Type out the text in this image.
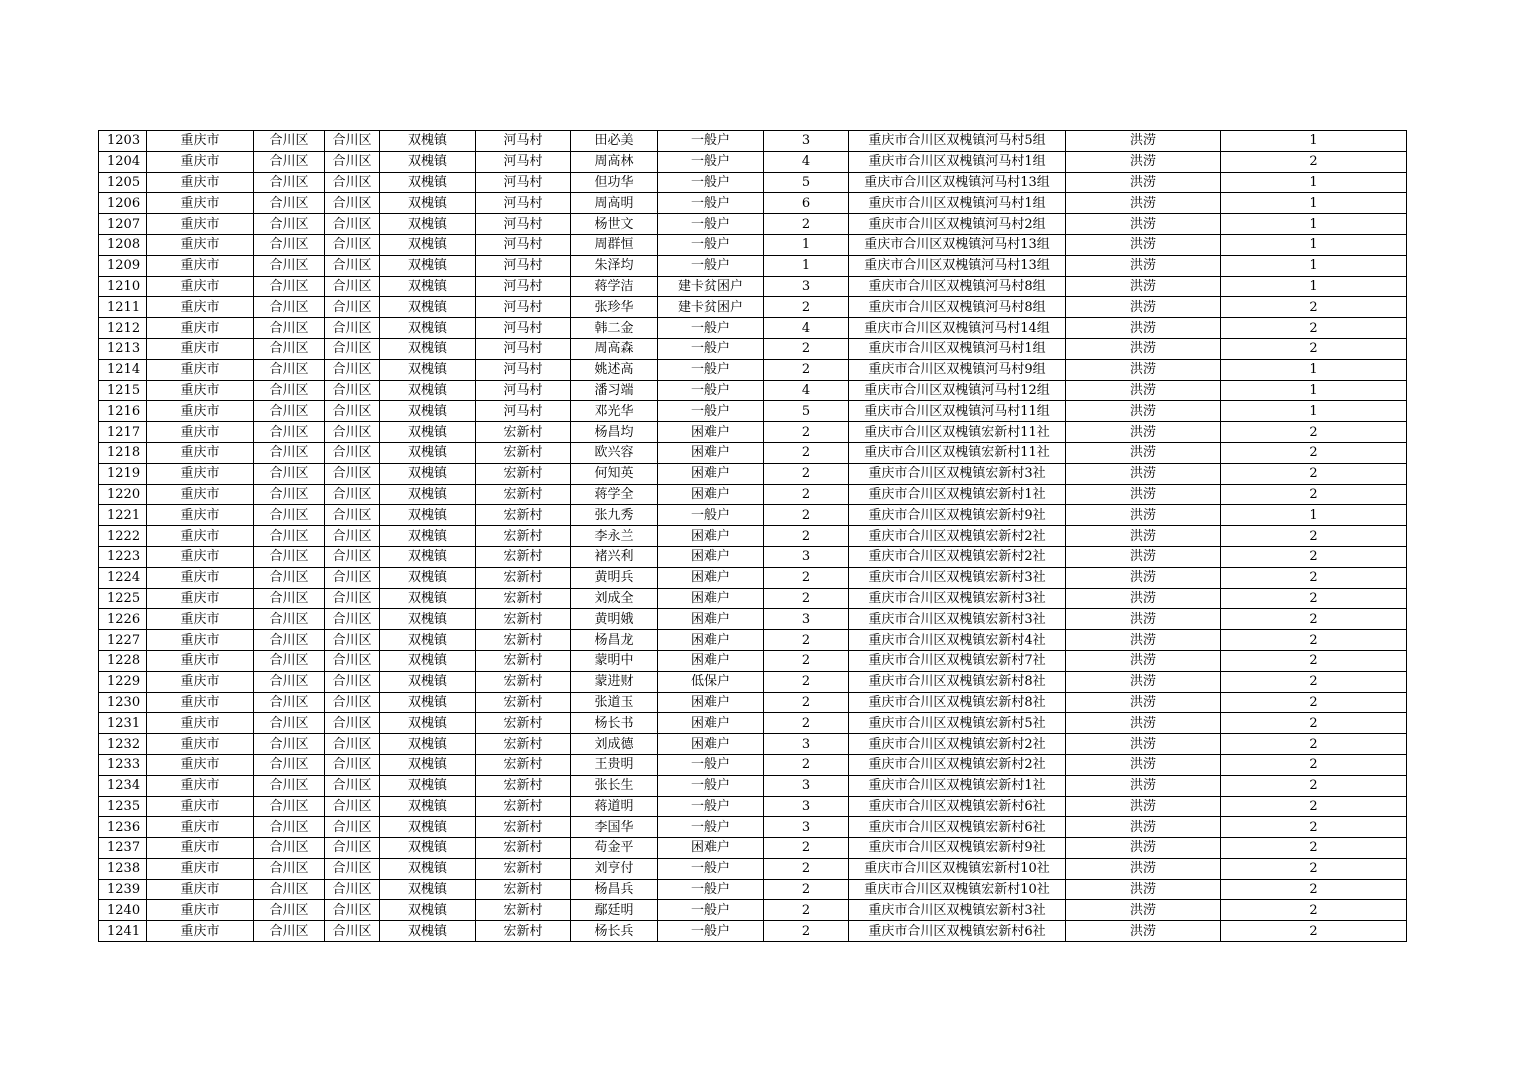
1203	重庆市	合川区	合川区	双槐镇	河马村	田必美	一般户	3	重庆市合川区双槐镇河马村5组	洪涝	1
1204	重庆市	合川区	合川区	双槐镇	河马村	周高林	一般户	4	重庆市合川区双槐镇河马村1组	洪涝	2
1205	重庆市	合川区	合川区	双槐镇	河马村	但功华	一般户	5	重庆市合川区双槐镇河马村13组	洪涝	1
1206	重庆市	合川区	合川区	双槐镇	河马村	周高明	一般户	6	重庆市合川区双槐镇河马村1组	洪涝	1
1207	重庆市	合川区	合川区	双槐镇	河马村	杨世文	一般户	2	重庆市合川区双槐镇河马村2组	洪涝	1
1208	重庆市	合川区	合川区	双槐镇	河马村	周群恒	一般户	1	重庆市合川区双槐镇河马村13组	洪涝	1
1209	重庆市	合川区	合川区	双槐镇	河马村	朱泽均	一般户	1	重庆市合川区双槐镇河马村13组	洪涝	1
1210	重庆市	合川区	合川区	双槐镇	河马村	蒋学洁	建卡贫困户	3	重庆市合川区双槐镇河马村8组	洪涝	1
1211	重庆市	合川区	合川区	双槐镇	河马村	张珍华	建卡贫困户	2	重庆市合川区双槐镇河马村8组	洪涝	2
1212	重庆市	合川区	合川区	双槐镇	河马村	韩二金	一般户	4	重庆市合川区双槐镇河马村14组	洪涝	2
1213	重庆市	合川区	合川区	双槐镇	河马村	周高森	一般户	2	重庆市合川区双槐镇河马村1组	洪涝	2
1214	重庆市	合川区	合川区	双槐镇	河马村	姚述高	一般户	2	重庆市合川区双槐镇河马村9组	洪涝	1
1215	重庆市	合川区	合川区	双槐镇	河马村	潘习端	一般户	4	重庆市合川区双槐镇河马村12组	洪涝	1
1216	重庆市	合川区	合川区	双槐镇	河马村	邓光华	一般户	5	重庆市合川区双槐镇河马村11组	洪涝	1
1217	重庆市	合川区	合川区	双槐镇	宏新村	杨昌均	困难户	2	重庆市合川区双槐镇宏新村11社	洪涝	2
1218	重庆市	合川区	合川区	双槐镇	宏新村	欧兴容	困难户	2	重庆市合川区双槐镇宏新村11社	洪涝	2
1219	重庆市	合川区	合川区	双槐镇	宏新村	何知英	困难户	2	重庆市合川区双槐镇宏新村3社	洪涝	2
1220	重庆市	合川区	合川区	双槐镇	宏新村	蒋学全	困难户	2	重庆市合川区双槐镇宏新村1社	洪涝	2
1221	重庆市	合川区	合川区	双槐镇	宏新村	张九秀	一般户	2	重庆市合川区双槐镇宏新村9社	洪涝	1
1222	重庆市	合川区	合川区	双槐镇	宏新村	李永兰	困难户	2	重庆市合川区双槐镇宏新村2社	洪涝	2
1223	重庆市	合川区	合川区	双槐镇	宏新村	褚兴利	困难户	3	重庆市合川区双槐镇宏新村2社	洪涝	2
1224	重庆市	合川区	合川区	双槐镇	宏新村	黄明兵	困难户	2	重庆市合川区双槐镇宏新村3社	洪涝	2
1225	重庆市	合川区	合川区	双槐镇	宏新村	刘成全	困难户	2	重庆市合川区双槐镇宏新村3社	洪涝	2
1226	重庆市	合川区	合川区	双槐镇	宏新村	黄明娥	困难户	3	重庆市合川区双槐镇宏新村3社	洪涝	2
1227	重庆市	合川区	合川区	双槐镇	宏新村	杨昌龙	困难户	2	重庆市合川区双槐镇宏新村4社	洪涝	2
1228	重庆市	合川区	合川区	双槐镇	宏新村	蒙明中	困难户	2	重庆市合川区双槐镇宏新村7社	洪涝	2
1229	重庆市	合川区	合川区	双槐镇	宏新村	蒙进财	低保户	2	重庆市合川区双槐镇宏新村8社	洪涝	2
1230	重庆市	合川区	合川区	双槐镇	宏新村	张道玉	困难户	2	重庆市合川区双槐镇宏新村8社	洪涝	2
1231	重庆市	合川区	合川区	双槐镇	宏新村	杨长书	困难户	2	重庆市合川区双槐镇宏新村5社	洪涝	2
1232	重庆市	合川区	合川区	双槐镇	宏新村	刘成德	困难户	3	重庆市合川区双槐镇宏新村2社	洪涝	2
1233	重庆市	合川区	合川区	双槐镇	宏新村	王贵明	一般户	2	重庆市合川区双槐镇宏新村2社	洪涝	2
1234	重庆市	合川区	合川区	双槐镇	宏新村	张长生	一般户	3	重庆市合川区双槐镇宏新村1社	洪涝	2
1235	重庆市	合川区	合川区	双槐镇	宏新村	蒋道明	一般户	3	重庆市合川区双槐镇宏新村6社	洪涝	2
1236	重庆市	合川区	合川区	双槐镇	宏新村	李国华	一般户	3	重庆市合川区双槐镇宏新村6社	洪涝	2
1237	重庆市	合川区	合川区	双槐镇	宏新村	苟金平	困难户	2	重庆市合川区双槐镇宏新村9社	洪涝	2
1238	重庆市	合川区	合川区	双槐镇	宏新村	刘亨付	一般户	2	重庆市合川区双槐镇宏新村10社	洪涝	2
1239	重庆市	合川区	合川区	双槐镇	宏新村	杨昌兵	一般户	2	重庆市合川区双槐镇宏新村10社	洪涝	2
1240	重庆市	合川区	合川区	双槐镇	宏新村	鄢廷明	一般户	2	重庆市合川区双槐镇宏新村3社	洪涝	2
1241	重庆市	合川区	合川区	双槐镇	宏新村	杨长兵	一般户	2	重庆市合川区双槐镇宏新村6社	洪涝	2
